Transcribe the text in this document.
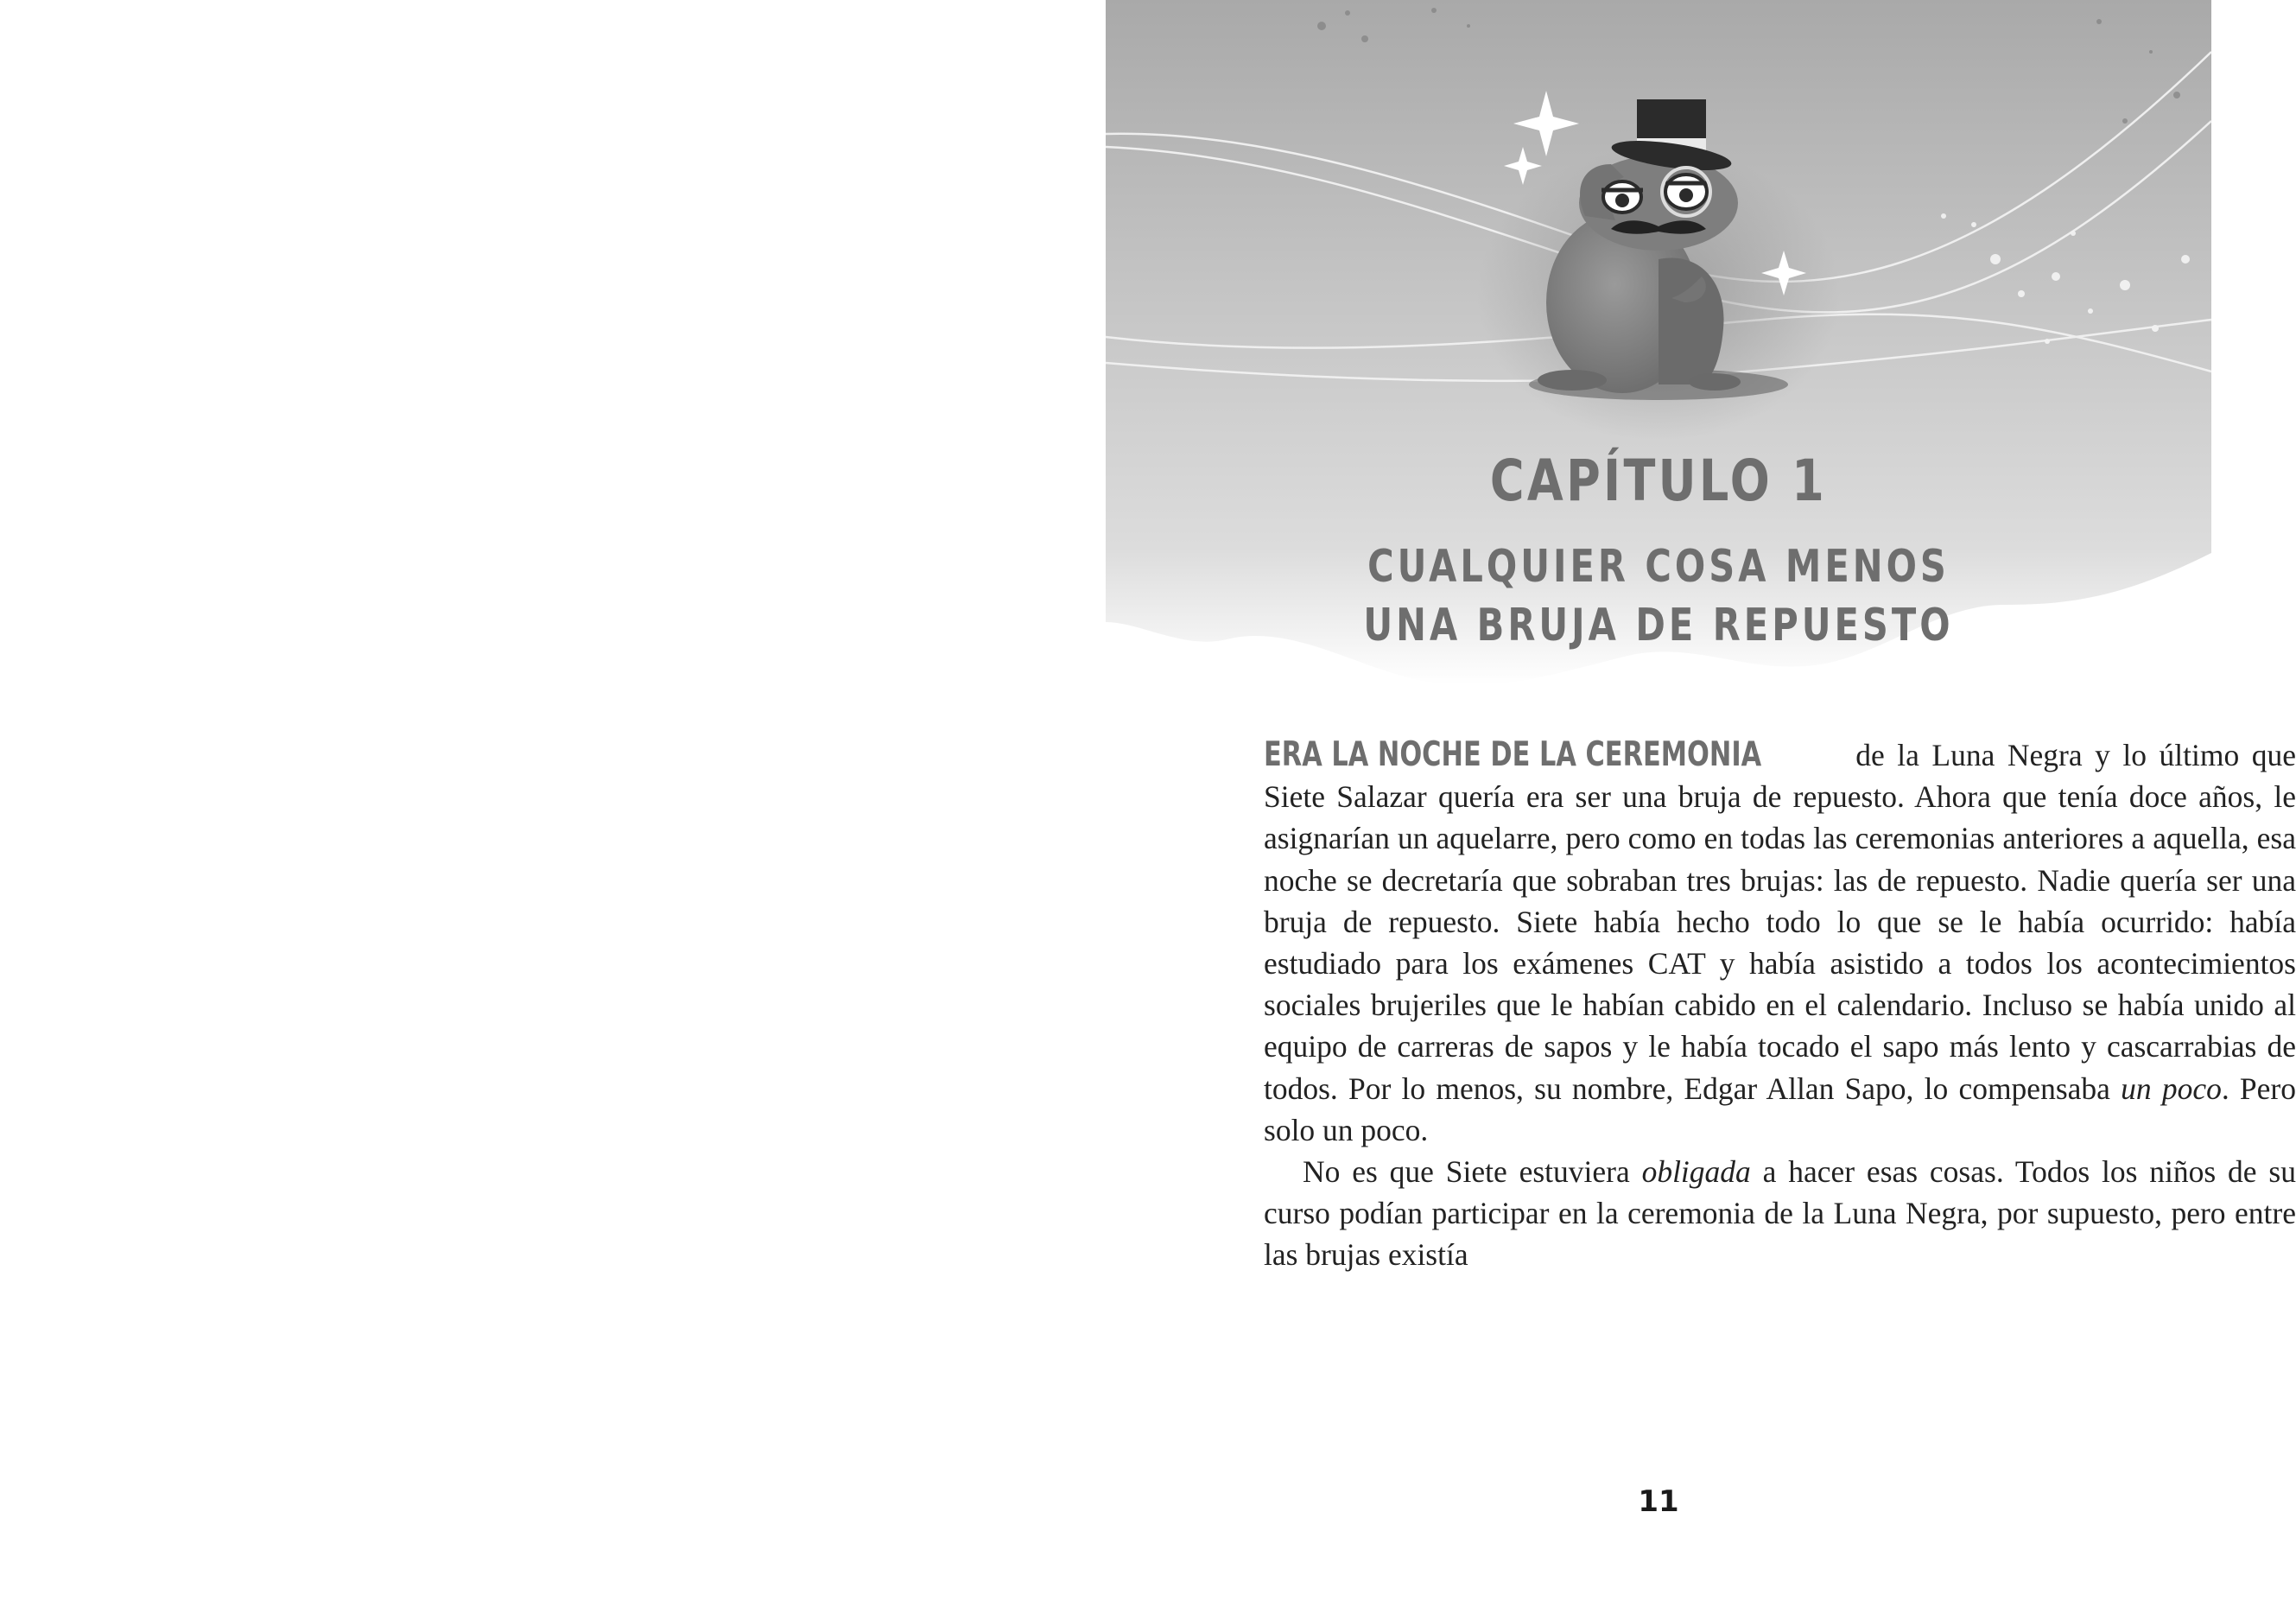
CAPÍTULO 1
CUALQUIER COSA MENOS
UNA BRUJA DE REPUESTO

ERA LA NOCHE DE LA CEREMONIA	de la Luna Negra y lo último que Siete Salazar quería era ser una bruja de repuesto. Ahora que tenía doce años, le asignarían un aquelarre, pero como en todas las ceremonias anteriores a aquella, esa noche se decretaría que sobraban tres brujas: las de repuesto. Nadie quería ser una bruja de repuesto. Siete había hecho todo lo que se le había ocurrido: había estudiado para los exámenes CAT y había asistido a todos los acontecimientos sociales brujeriles que le habían cabido en el calendario. Incluso se había unido al equipo de carreras de sapos y le había tocado el sapo más lento y cascarrabias de todos. Por lo menos, su nombre, Edgar Allan Sapo, lo compensaba un poco. Pero solo un poco.

No es que Siete estuviera obligada a hacer esas cosas. Todos los niños de su curso podían participar en la ceremonia de la Luna Negra, por supuesto, pero entre las brujas existía

11
